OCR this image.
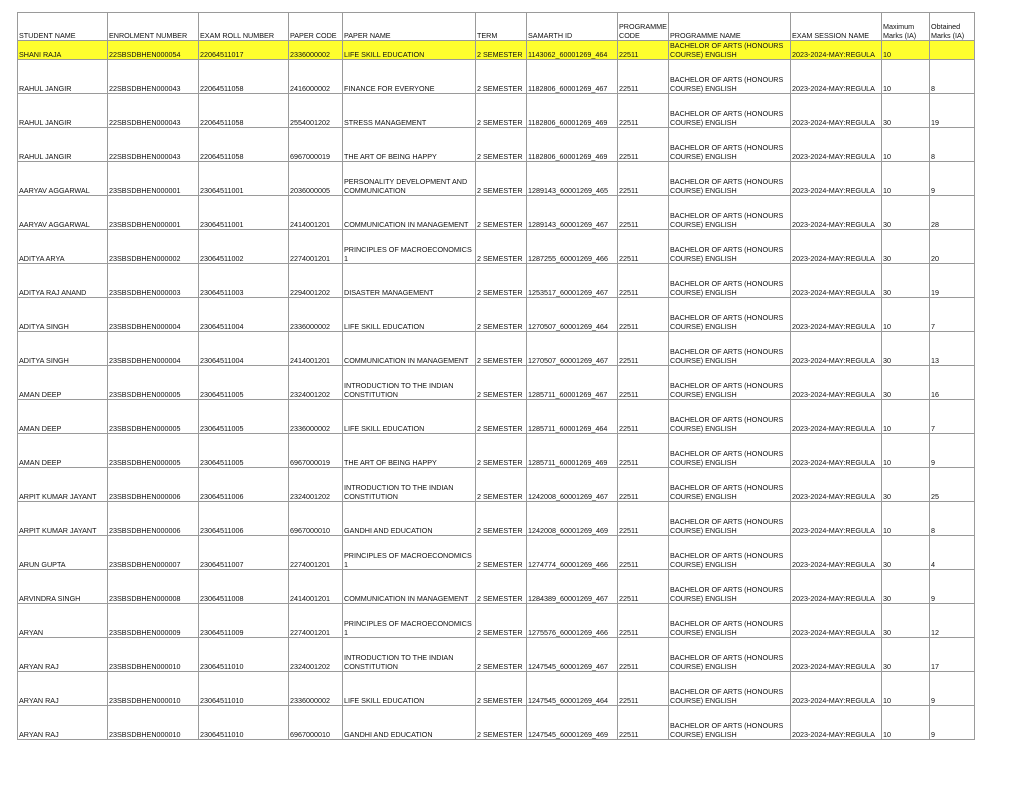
STUDENT NAME	ENROLMENT NUMBER	EXAM ROLL NUMBER	PAPER CODE	PAPER NAME	TERM	SAMARTH ID	PROGRAMME CODE	PROGRAMME NAME	EXAM SESSION NAME	Maximum Marks (IA)	Obtained Marks (IA)
SHANI RAJA	22SBSDBHEN000054	22064511017	2336000002	LIFE SKILL EDUCATION	2 SEMESTER	1143062_60001269_464	22511	BACHELOR OF ARTS (HONOURS COURSE) ENGLISH	2023-2024-MAY:REGULA	10	
RAHUL JANGIR	22SBSDBHEN000043	22064511058	2416000002	FINANCE FOR EVERYONE	2 SEMESTER	1182806_60001269_467	22511	BACHELOR OF ARTS (HONOURS COURSE) ENGLISH	2023-2024-MAY:REGULA	10	8
RAHUL JANGIR	22SBSDBHEN000043	22064511058	2554001202	STRESS MANAGEMENT	2 SEMESTER	1182806_60001269_469	22511	BACHELOR OF ARTS (HONOURS COURSE) ENGLISH	2023-2024-MAY:REGULA	30	19
RAHUL JANGIR	22SBSDBHEN000043	22064511058	6967000019	THE ART OF BEING HAPPY	2 SEMESTER	1182806_60001269_469	22511	BACHELOR OF ARTS (HONOURS COURSE) ENGLISH	2023-2024-MAY:REGULA	10	8
AARYAV AGGARWAL	23SBSDBHEN000001	23064511001	2036000005	PERSONALITY DEVELOPMENT AND COMMUNICATION	2 SEMESTER	1289143_60001269_465	22511	BACHELOR OF ARTS (HONOURS COURSE) ENGLISH	2023-2024-MAY:REGULA	10	9
AARYAV AGGARWAL	23SBSDBHEN000001	23064511001	2414001201	COMMUNICATION IN MANAGEMENT	2 SEMESTER	1289143_60001269_467	22511	BACHELOR OF ARTS (HONOURS COURSE) ENGLISH	2023-2024-MAY:REGULA	30	28
ADITYA ARYA	23SBSDBHEN000002	23064511002	2274001201	PRINCIPLES OF MACROECONOMICS 1	2 SEMESTER	1287255_60001269_466	22511	BACHELOR OF ARTS (HONOURS COURSE) ENGLISH	2023-2024-MAY:REGULA	30	20
ADITYA RAJ ANAND	23SBSDBHEN000003	23064511003	2294001202	DISASTER MANAGEMENT	2 SEMESTER	1253517_60001269_467	22511	BACHELOR OF ARTS (HONOURS COURSE) ENGLISH	2023-2024-MAY:REGULA	30	19
ADITYA SINGH	23SBSDBHEN000004	23064511004	2336000002	LIFE SKILL EDUCATION	2 SEMESTER	1270507_60001269_464	22511	BACHELOR OF ARTS (HONOURS COURSE) ENGLISH	2023-2024-MAY:REGULA	10	7
ADITYA SINGH	23SBSDBHEN000004	23064511004	2414001201	COMMUNICATION IN MANAGEMENT	2 SEMESTER	1270507_60001269_467	22511	BACHELOR OF ARTS (HONOURS COURSE) ENGLISH	2023-2024-MAY:REGULA	30	13
AMAN DEEP	23SBSDBHEN000005	23064511005	2324001202	INTRODUCTION TO THE INDIAN CONSTITUTION	2 SEMESTER	1285711_60001269_467	22511	BACHELOR OF ARTS (HONOURS COURSE) ENGLISH	2023-2024-MAY:REGULA	30	16
AMAN DEEP	23SBSDBHEN000005	23064511005	2336000002	LIFE SKILL EDUCATION	2 SEMESTER	1285711_60001269_464	22511	BACHELOR OF ARTS (HONOURS COURSE) ENGLISH	2023-2024-MAY:REGULA	10	7
AMAN DEEP	23SBSDBHEN000005	23064511005	6967000019	THE ART OF BEING HAPPY	2 SEMESTER	1285711_60001269_469	22511	BACHELOR OF ARTS (HONOURS COURSE) ENGLISH	2023-2024-MAY:REGULA	10	9
ARPIT KUMAR JAYANT	23SBSDBHEN000006	23064511006	2324001202	INTRODUCTION TO THE INDIAN CONSTITUTION	2 SEMESTER	1242008_60001269_467	22511	BACHELOR OF ARTS (HONOURS COURSE) ENGLISH	2023-2024-MAY:REGULA	30	25
ARPIT KUMAR JAYANT	23SBSDBHEN000006	23064511006	6967000010	GANDHI AND EDUCATION	2 SEMESTER	1242008_60001269_469	22511	BACHELOR OF ARTS (HONOURS COURSE) ENGLISH	2023-2024-MAY:REGULA	10	8
ARUN GUPTA	23SBSDBHEN000007	23064511007	2274001201	PRINCIPLES OF MACROECONOMICS 1	2 SEMESTER	1274774_60001269_466	22511	BACHELOR OF ARTS (HONOURS COURSE) ENGLISH	2023-2024-MAY:REGULA	30	4
ARVINDRA SINGH	23SBSDBHEN000008	23064511008	2414001201	COMMUNICATION IN MANAGEMENT	2 SEMESTER	1284389_60001269_467	22511	BACHELOR OF ARTS (HONOURS COURSE) ENGLISH	2023-2024-MAY:REGULA	30	9
ARYAN	23SBSDBHEN000009	23064511009	2274001201	PRINCIPLES OF MACROECONOMICS 1	2 SEMESTER	1275576_60001269_466	22511	BACHELOR OF ARTS (HONOURS COURSE) ENGLISH	2023-2024-MAY:REGULA	30	12
ARYAN RAJ	23SBSDBHEN000010	23064511010	2324001202	INTRODUCTION TO THE INDIAN CONSTITUTION	2 SEMESTER	1247545_60001269_467	22511	BACHELOR OF ARTS (HONOURS COURSE) ENGLISH	2023-2024-MAY:REGULA	30	17
ARYAN RAJ	23SBSDBHEN000010	23064511010	2336000002	LIFE SKILL EDUCATION	2 SEMESTER	1247545_60001269_464	22511	BACHELOR OF ARTS (HONOURS COURSE) ENGLISH	2023-2024-MAY:REGULA	10	9
ARYAN RAJ	23SBSDBHEN000010	23064511010	6967000010	GANDHI AND EDUCATION	2 SEMESTER	1247545_60001269_469	22511	BACHELOR OF ARTS (HONOURS COURSE) ENGLISH	2023-2024-MAY:REGULA	10	9
